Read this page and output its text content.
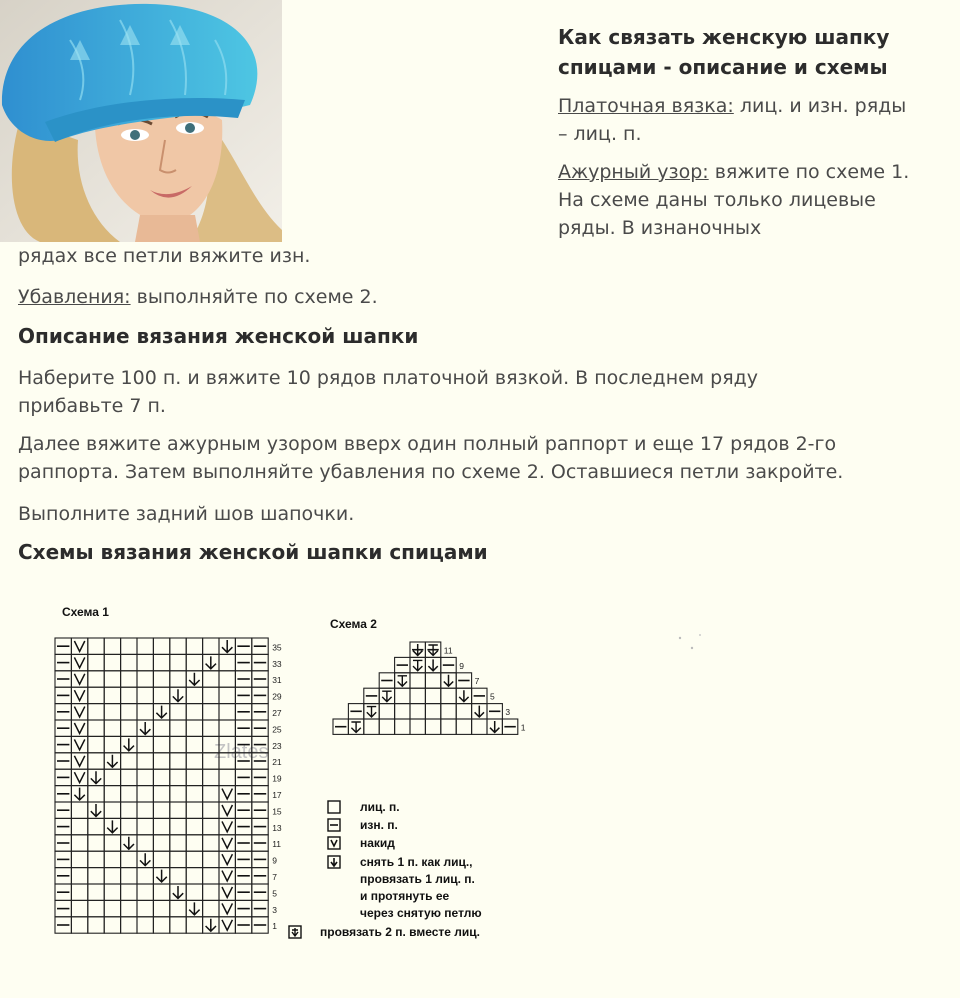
Как связать женскую шапку спицами - описание и схемы
Платочная вязка: лиц. и изн. ряды – лиц. п.
Ажурный узор: вяжите по схеме 1. На схеме даны только лицевые ряды. В изнаночных
рядах все петли вяжите изн.
Убавления: выполняйте по схеме 2.
Описание вязания женской шапки
Наберите 100 п. и вяжите 10 рядов платочной вязкой. В последнем ряду прибавьте 7 п.
Далее вяжите ажурным узором вверх один полный раппорт и еще 17 рядов 2-го раппорта. Затем выполняйте убавления по схеме 2. Оставшиеся петли закройте.
Выполните задний шов шапочки.
Схемы вязания женской шапки спицами
Zlates
Схема 1
35
33
31
29
27
25
23
21
19
17
15
13
11
9
7
5
3
1
Схема 2
11
9
7
5
3
1
лиц. п.
изн. п.
накид
снять 1 п. как лиц., провязать 1 лиц. п. и протянуть ее через снятую петлю
провязать 2 п. вместе лиц.
